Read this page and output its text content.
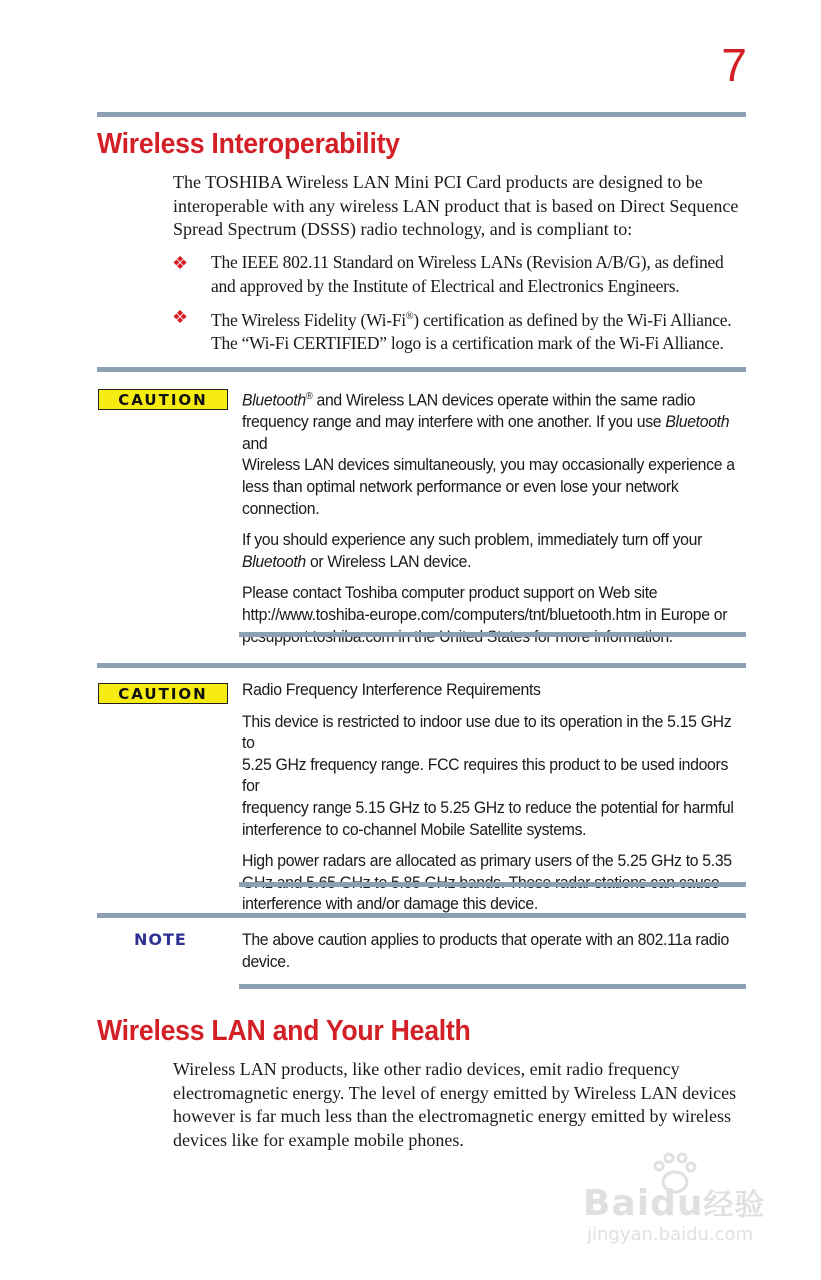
7
Wireless Interoperability
The TOSHIBA Wireless LAN Mini PCI Card products are designed to be
interoperable with any wireless LAN product that is based on Direct Sequence
Spread Spectrum (DSSS) radio technology, and is compliant to:
❖ The IEEE 802.11 Standard on Wireless LANs (Revision A/B/G), as defined
and approved by the Institute of Electrical and Electronics Engineers.
❖ The Wireless Fidelity (Wi-Fi®) certification as defined by the Wi-Fi Alliance.
The “Wi-Fi CERTIFIED” logo is a certification mark of the Wi-Fi Alliance.
CAUTION	Bluetooth® and Wireless LAN devices operate within the same radio
frequency range and may interfere with one another. If you use Bluetooth and
Wireless LAN devices simultaneously, you may occasionally experience a
less than optimal network performance or even lose your network
connection.

If you should experience any such problem, immediately turn off your
Bluetooth or Wireless LAN device.

Please contact Toshiba computer product support on Web site
http://www.toshiba-europe.com/computers/tnt/bluetooth.htm in Europe or

CAUTION	Radio Frequency Interference Requirements

This device is restricted to indoor use due to its operation in the 5.15 GHz to
5.25 GHz frequency range. FCC requires this product to be used indoors for
frequency range 5.15 GHz to 5.25 GHz to reduce the potential for harmful
interference to co-channel Mobile Satellite systems.

High power radars are allocated as primary users of the 5.25 GHz to 5.35

interference with and/or damage this device.

NOTE	The above caution applies to products that operate with an 802.11a radio
device.

Wireless LAN and Your Health
Wireless LAN products, like other radio devices, emit radio frequency
electromagnetic energy. The level of energy emitted by Wireless LAN devices
however is far much less than the electromagnetic energy emitted by wireless
devices like for example mobile phones.
Baidu经验
jingyan.baidu.com
